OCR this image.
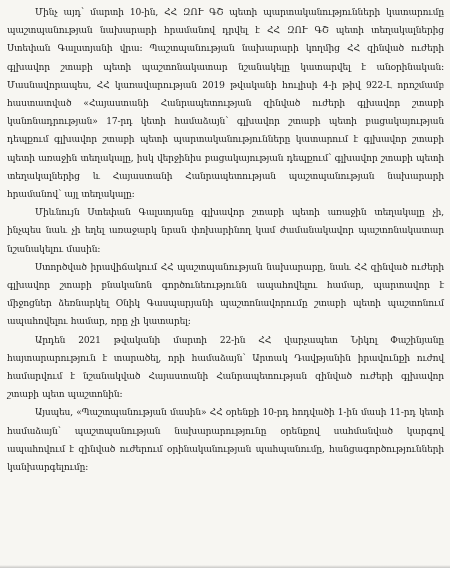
Մինչ այդ՝ մարտի 10-ին, ՀՀ ԶՈՒ ԳՇ պետի պարտականությունների կատարումը պաշտպանության նախարարի հրամանով դրվել է ՀՀ ԶՈՒ ԳՇ պետի տեղակալներից Ստեփան Գալստյանի վրա: Պաշտպանության նախարարի կողմից ՀՀ զինված ուժերի գլխավոր շտաբի պետի պաշտոնակատար նշանակելը կատարվել է անօրինական: Մասնավորապես, ՀՀ կառավարության 2019 թվականի հուլիսի 4-ի թիվ 922-Լ որոշմամբ հաստատված «Հայաստանի Հանրապետության զինված ուժերի գլխավոր շտաբի կանոնադրության» 17-րդ կետի համաձայն՝ գլխավոր շտաբի պետի բացակայության դեպքում գլխավոր շտաբի պետի պարտականությունները կատարում է գլխավոր շտաբի պետի առաջին տեղակալը, իսկ վերջինիս բացակայության դեպքում՝ գլխավոր շտաբի պետի տեղակալներից և Հայաստանի Հանրապետության պաշտպանության նախարարի հրամանով՝ այլ տեղակալը:

Միևնույն Ստեփան Գալստյանը գլխավոր շտաբի պետի առաջին տեղակալը չի, ինչպես նաև չի եղել առաջարկ նրան փոխարինող կամ ժամանակավոր պաշտոնակատար նշանակելու մասին:

Ստործված իրավիճակում ՀՀ պաշտպանության նախարարը, նաև ՀՀ զինված ուժերի գլխավոր շտաբի բնականոն գործունեությունն ապահովելու համար, պարտավոր է միջոցներ ձեռնարկել Օնիկ Գասպարյանի պաշտոնավորումը շտաբի պետի պաշտոնում ապահովելու համար, որը չի կատարել:

Արդեն 2021 թվականի մարտի 22-ին ՀՀ վարչապետ Նիկոլ Փաշինյանը հայտարարություն է տարածել, որի համաձայն՝ Արտակ Դավթյանին իրավունքի ուժով համարվում է նշանակված Հայաստանի Հանրապետության զինված ուժերի գլխավոր շտաբի պետ պաշտոնին:

Այսպես, «Պաշտպանության մասին» ՀՀ օրենքի 10-րդ հոդվածի 1-ին մասի 11-րդ կետի համաձայն՝ պաշտպանության նախարարությունը օրենքով սահմանված կարգով ապահովում է զինված ուժերում օրինականության պահպանումը, հանցագործությունների կանխարգելումը:
